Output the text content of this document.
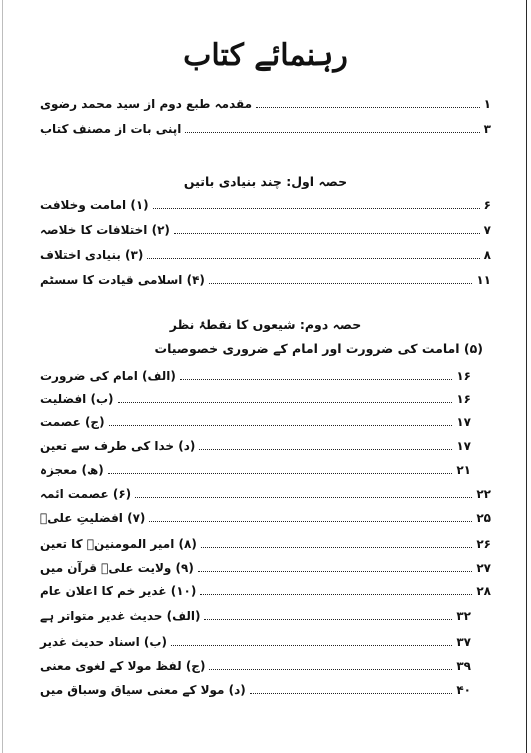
رہنمائے کتاب
مقدمہ طبع دوم از سید محمد رضوی	۱
اپنی بات از مصنف کتاب	۳
حصہ اول: چند بنیادی باتیں
(۱) امامت وخلافت	۶
(۲) اختلافات کا خلاصہ	۷
(۳) بنیادی اختلاف	۸
(۴) اسلامی قیادت کا سسٹم	۱۱
حصہ دوم: شیعوں کا نقطۂ نظر
(۵) امامت کی ضرورت اور امام کے ضروری خصوصیات
(الف) امام کی ضرورت	۱۶
(ب) افضلیت	۱۶
(ج) عصمت	۱۷
(د) خدا کی طرف سے تعین	۱۷
(ھ) معجزہ	۲۱
(۶) عصمت ائمہ	۲۲
(۷) افضلیتِ علیؑ	۲۵
(۸) امیر المومنینؑ کا تعین	۲۶
(۹) ولایت علیؑ قرآن میں	۲۷
(۱۰) غدیر خم کا اعلان عام	۲۸
(الف) حدیث غدیر متواتر ہے	۳۲
(ب) اسناد حدیث غدیر	۳۷
(ج) لفظ مولا کے لغوی معنی	۳۹
(د) مولا کے معنی سیاق وسباق میں	۴۰
